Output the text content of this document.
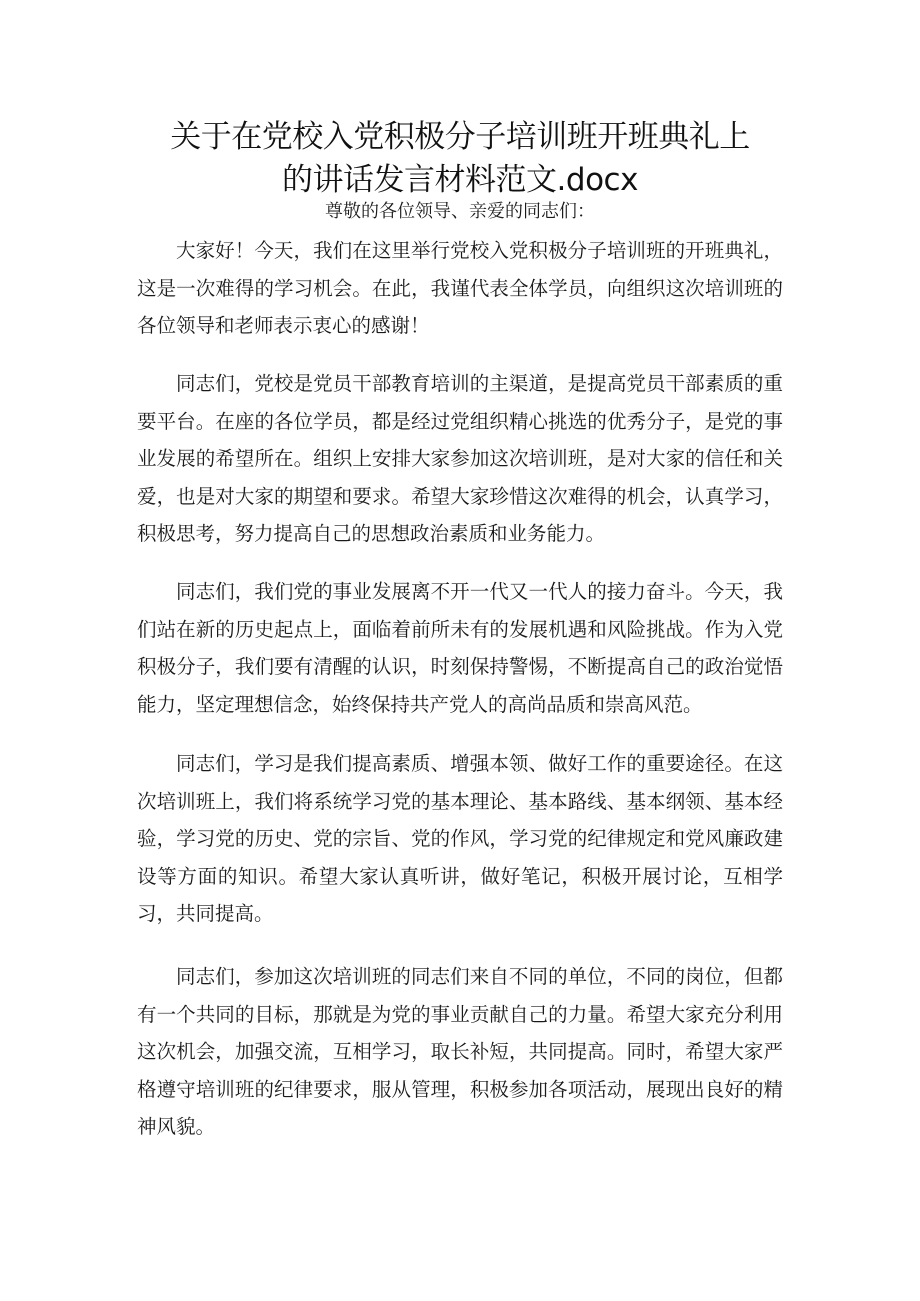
关于在党校入党积极分子培训班开班典礼上
的讲话发言材料范文.docx

尊敬的各位领导、亲爱的同志们：

大家好！今天，我们在这里举行党校入党积极分子培训班的开班典礼，这是一次难得的学习机会。在此，我谨代表全体学员，向组织这次培训班的各位领导和老师表示衷心的感谢！

同志们，党校是党员干部教育培训的主渠道，是提高党员干部素质的重要平台。在座的各位学员，都是经过党组织精心挑选的优秀分子，是党的事业发展的希望所在。组织上安排大家参加这次培训班，是对大家的信任和关爱，也是对大家的期望和要求。希望大家珍惜这次难得的机会，认真学习，积极思考，努力提高自己的思想政治素质和业务能力。

同志们，我们党的事业发展离不开一代又一代人的接力奋斗。今天，我们站在新的历史起点上，面临着前所未有的发展机遇和风险挑战。作为入党积极分子，我们要有清醒的认识，时刻保持警惕，不断提高自己的政治觉悟能力，坚定理想信念，始终保持共产党人的高尚品质和崇高风范。

同志们，学习是我们提高素质、增强本领、做好工作的重要途径。在这次培训班上，我们将系统学习党的基本理论、基本路线、基本纲领、基本经验，学习党的历史、党的宗旨、党的作风，学习党的纪律规定和党风廉政建设等方面的知识。希望大家认真听讲，做好笔记，积极开展讨论，互相学习，共同提高。

同志们，参加这次培训班的同志们来自不同的单位，不同的岗位，但都有一个共同的目标，那就是为党的事业贡献自己的力量。希望大家充分利用这次机会，加强交流，互相学习，取长补短，共同提高。同时，希望大家严格遵守培训班的纪律要求，服从管理，积极参加各项活动，展现出良好的精神风貌。
